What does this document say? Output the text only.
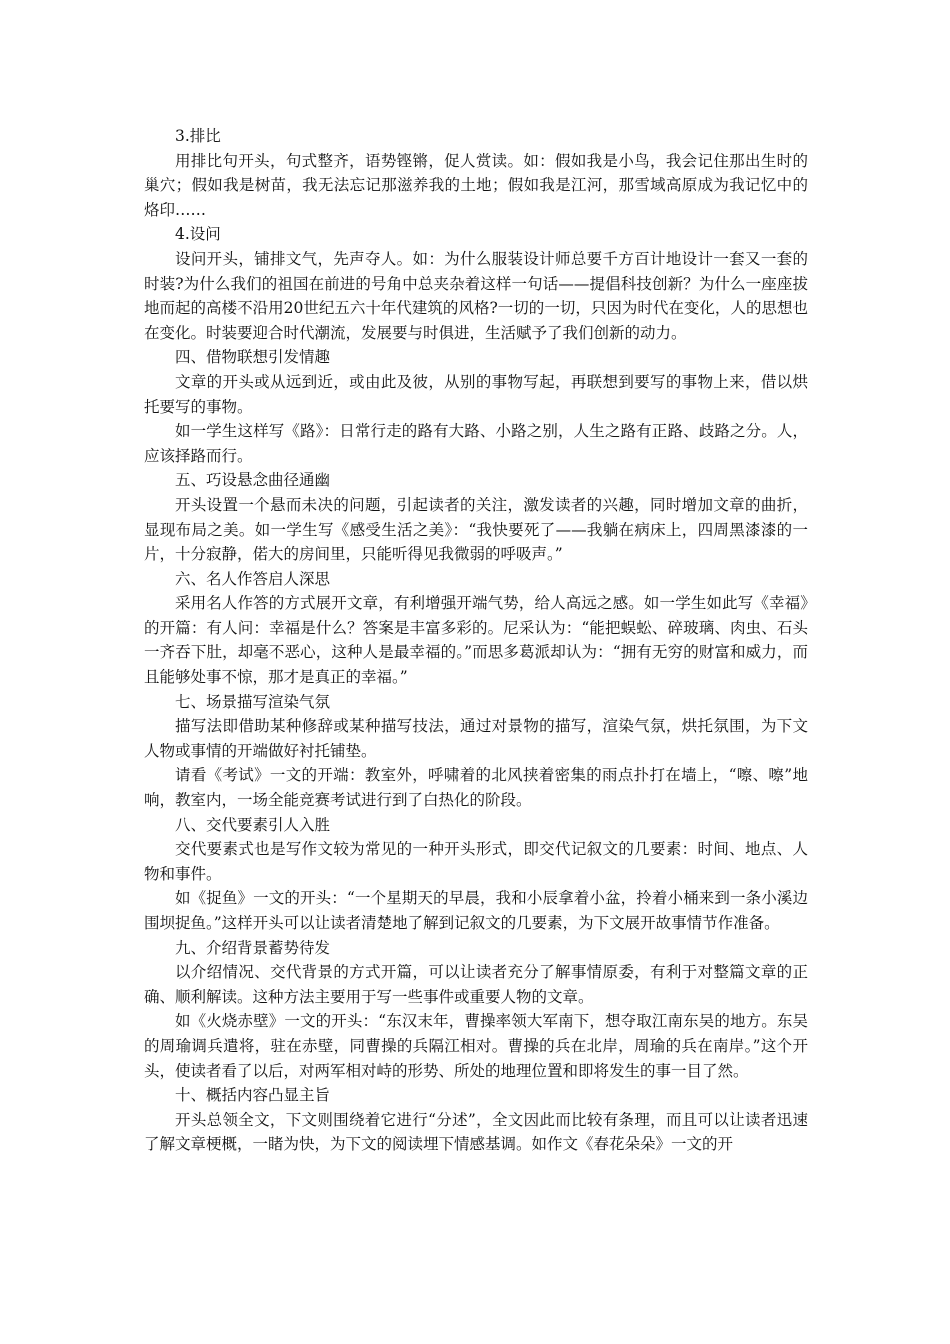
3.排比

用排比句开头，句式整齐，语势铿锵，促人赏读。如：假如我是小鸟，我会记住那出生时的巢穴；假如我是树苗，我无法忘记那滋养我的土地；假如我是江河，那雪域高原成为我记忆中的烙印……

4.设问

设问开头，铺排文气，先声夺人。如：为什么服装设计师总要千方百计地设计一套又一套的时装?为什么我们的祖国在前进的号角中总夹杂着这样一句话——提倡科技创新？为什么一座座拔地而起的高楼不沿用20世纪五六十年代建筑的风格?一切的一切，只因为时代在变化，人的思想也在变化。时装要迎合时代潮流，发展要与时俱进，生活赋予了我们创新的动力。

四、借物联想引发情趣

文章的开头或从远到近，或由此及彼，从别的事物写起，再联想到要写的事物上来，借以烘托要写的事物。

如一学生这样写《路》：日常行走的路有大路、小路之别，人生之路有正路、歧路之分。人，应该择路而行。

五、巧设悬念曲径通幽

开头设置一个悬而未决的问题，引起读者的关注，激发读者的兴趣，同时增加文章的曲折，显现布局之美。如一学生写《感受生活之美》：“我快要死了——我躺在病床上，四周黑漆漆的一片，十分寂静，偌大的房间里，只能听得见我微弱的呼吸声。”

六、名人作答启人深思

采用名人作答的方式展开文章，有利增强开端气势，给人高远之感。如一学生如此写《幸福》的开篇：有人问：幸福是什么？答案是丰富多彩的。尼采认为：“能把蜈蚣、碎玻璃、肉虫、石头一齐吞下肚，却毫不恶心，这种人是最幸福的。”而思多葛派却认为：“拥有无穷的财富和威力，而且能够处事不惊，那才是真正的幸福。”

七、场景描写渲染气氛

描写法即借助某种修辞或某种描写技法，通过对景物的描写，渲染气氛，烘托氛围，为下文人物或事情的开端做好衬托铺垫。

请看《考试》一文的开端：教室外，呼啸着的北风挟着密集的雨点扑打在墙上，“嚓、嚓”地响，教室内，一场全能竞赛考试进行到了白热化的阶段。

八、交代要素引人入胜

交代要素式也是写作文较为常见的一种开头形式，即交代记叙文的几要素：时间、地点、人物和事件。

如《捉鱼》一文的开头：“一个星期天的早晨，我和小辰拿着小盆，拎着小桶来到一条小溪边围坝捉鱼。”这样开头可以让读者清楚地了解到记叙文的几要素，为下文展开故事情节作准备。

九、介绍背景蓄势待发

以介绍情况、交代背景的方式开篇，可以让读者充分了解事情原委，有利于对整篇文章的正确、顺利解读。这种方法主要用于写一些事件或重要人物的文章。

如《火烧赤壁》一文的开头：“东汉末年，曹操率领大军南下，想夺取江南东吴的地方。东吴的周瑜调兵遣将，驻在赤壁，同曹操的兵隔江相对。曹操的兵在北岸，周瑜的兵在南岸。”这个开头，使读者看了以后，对两军相对峙的形势、所处的地理位置和即将发生的事一目了然。

十、概括内容凸显主旨

开头总领全文，下文则围绕着它进行“分述”，全文因此而比较有条理，而且可以让读者迅速了解文章梗概，一睹为快，为下文的阅读埋下情感基调。如作文《春花朵朵》一文的开
